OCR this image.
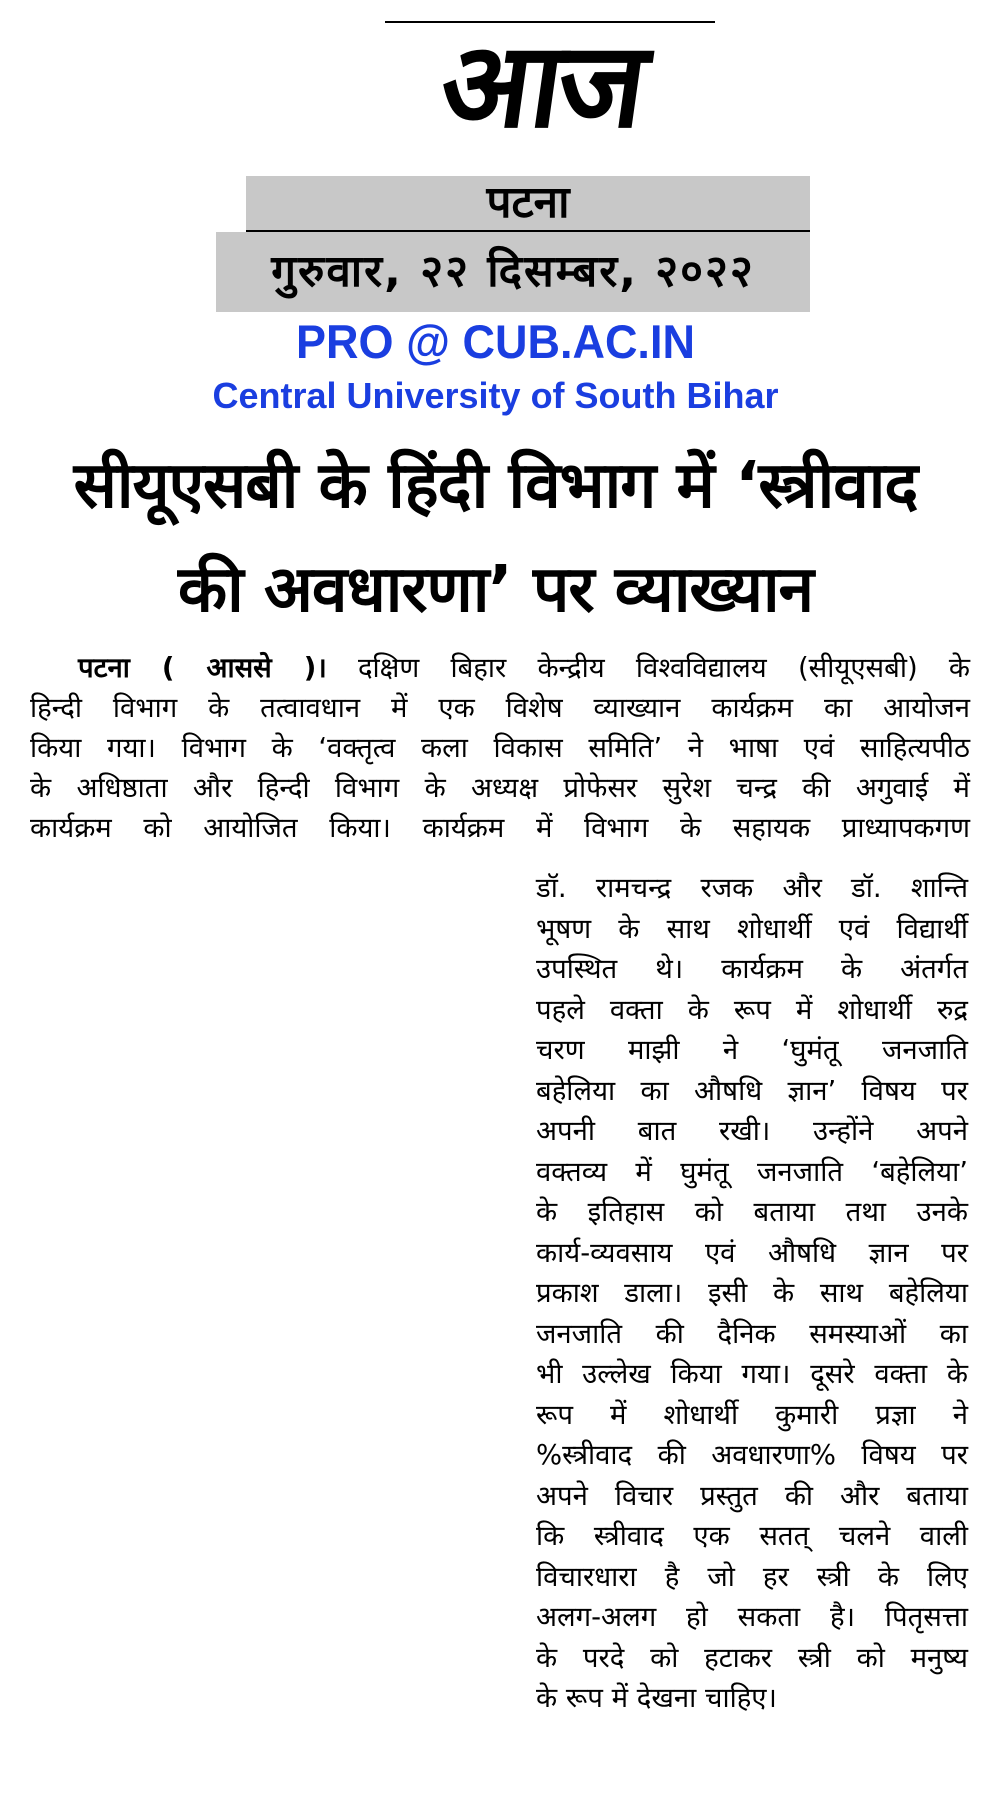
आज
पटना
गुरुवार, २२ दिसम्बर, २०२२
PRO @ CUB.AC.IN
Central University of South Bihar
सीयूएसबी के हिंदी विभाग में ‘स्त्रीवाद
की अवधारणा’ पर व्याख्यान
पटना ( आससे )। दक्षिण बिहार केन्द्रीय विश्वविद्यालय (सीयूएसबी) के
हिन्दी विभाग के तत्वावधान में एक विशेष व्याख्यान कार्यक्रम का आयोजन
किया गया। विभाग के ‘वक्तृत्व कला विकास समिति’ ने भाषा एवं साहित्यपीठ
के अधिष्ठाता और हिन्दी विभाग के अध्यक्ष प्रोफेसर सुरेश चन्द्र की अगुवाई में
कार्यक्रम को आयोजित किया। कार्यक्रम में विभाग के सहायक प्राध्यापकगण
डॉ. रामचन्द्र रजक और डॉ. शान्ति
भूषण के साथ शोधार्थी एवं विद्यार्थी
उपस्थित थे। कार्यक्रम के अंतर्गत
पहले वक्ता के रूप में शोधार्थी रुद्र
चरण माझी ने ‘घुमंतू जनजाति
बहेलिया का औषधि ज्ञान’ विषय पर
अपनी बात रखी। उन्होंने अपने
वक्तव्य में घुमंतू जनजाति ‘बहेलिया’
के इतिहास को बताया तथा उनके
कार्य-व्यवसाय एवं औषधि ज्ञान पर
प्रकाश डाला। इसी के साथ बहेलिया
जनजाति की दैनिक समस्याओं का
भी उल्लेख किया गया। दूसरे वक्ता के
रूप में शोधार्थी कुमारी प्रज्ञा ने
%स्त्रीवाद की अवधारणा% विषय पर
अपने विचार प्रस्तुत की और बताया
कि स्त्रीवाद एक सतत् चलने वाली
विचारधारा है जो हर स्त्री के लिए
अलग-अलग हो सकता है। पितृसत्ता
के परदे को हटाकर स्त्री को मनुष्य
के रूप में देखना चाहिए।
